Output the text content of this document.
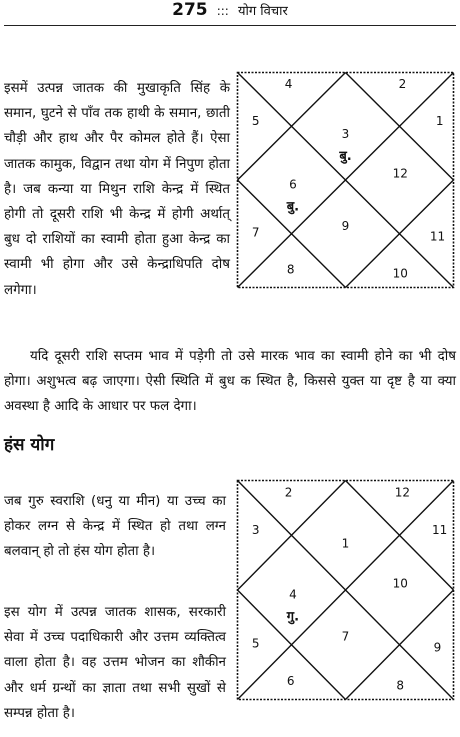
275 ::: योग विचार

इसमें उत्पन्न जातक की मुखाकृति सिंह के समान, घुटने से पाँव तक हाथी के समान, छाती चौड़ी और हाथ और पैर कोमल होते हैं। ऐसा जातक कामुक, विद्वान तथा योग में निपुण होता है। जब कन्या या मिथुन राशि केन्द्र में स्थित होगी तो दूसरी राशि भी केन्द्र में होगी अर्थात् बुध दो राशियों का स्वामी होता हुआ केन्द्र का स्वामी भी होगा और उसे केन्द्राधिपति दोष लगेगा।

3
4
5
6
7
8
9
10
11
12
1
2
बु.
बु.

यदि दूसरी राशि सप्तम भाव में पड़ेगी तो उसे मारक भाव का स्वामी होने का भी दोष होगा। अशुभत्व बढ़ जाएगा। ऐसी स्थिति में बुध क स्थित है, किससे युक्त या दृष्ट है या क्या अवस्था है आदि के आधार पर फल देगा।

हंस योग

जब गुरु स्वराशि (धनु या मीन) या उच्च का होकर लग्न से केन्द्र में स्थित हो तथा लग्न बलवान् हो तो हंस योग होता है।

इस योग में उत्पन्न जातक शासक, सरकारी सेवा में उच्च पदाधिकारी और उत्तम व्यक्तित्व वाला होता है। वह उत्तम भोजन का शौकीन और धर्म ग्रन्थों का ज्ञाता तथा सभी सुखों से सम्पन्न होता है।

1
2
3
4
5
6
7
8
9
10
11
12
गु.
